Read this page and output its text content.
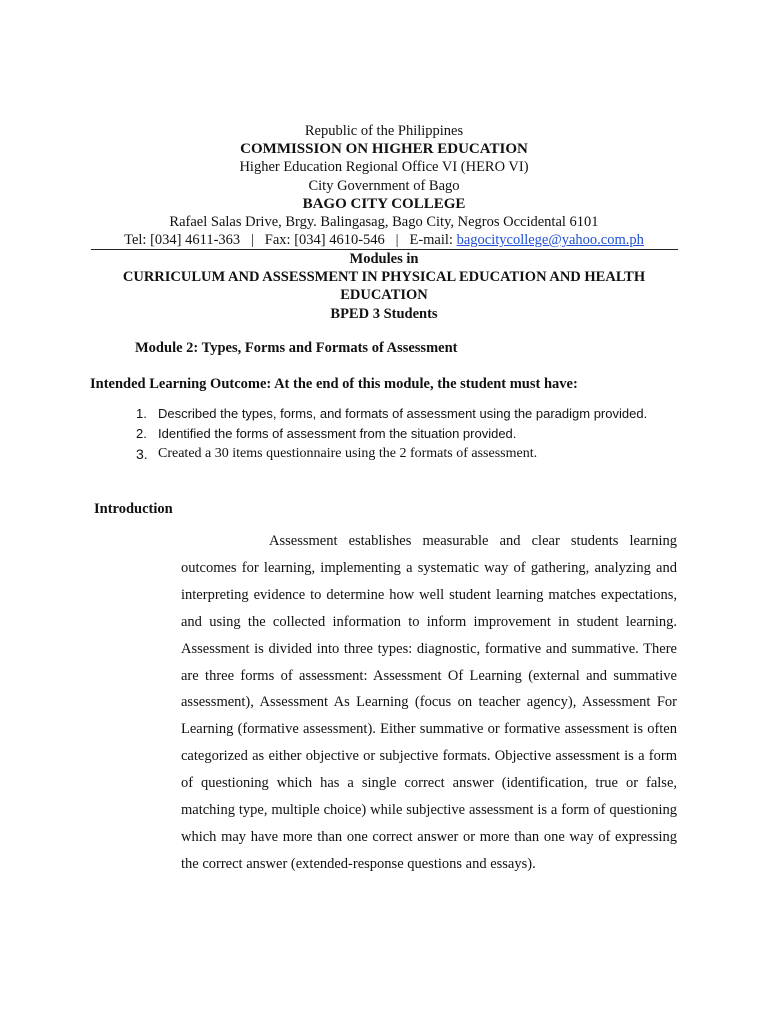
Republic of the Philippines
COMMISSION ON HIGHER EDUCATION
Higher Education Regional Office VI (HERO VI)
City Government of Bago
BAGO CITY COLLEGE
Rafael Salas Drive, Brgy. Balingasag, Bago City, Negros Occidental 6101
Tel: [034] 4611-363   |   Fax: [034] 4610-546   |   E-mail: bagocitycollege@yahoo.com.ph
Modules in
CURRICULUM AND ASSESSMENT IN PHYSICAL EDUCATION AND HEALTH
EDUCATION
BPED 3 Students
Module 2: Types, Forms and Formats of Assessment
Intended Learning Outcome: At the end of this module, the student must have:
1. Described the types, forms, and formats of assessment using the paradigm provided.
2. Identified the forms of assessment from the situation provided.
3. Created a 30 items questionnaire using the 2 formats of assessment.
Introduction

Assessment establishes measurable and clear students learning outcomes for learning, implementing a systematic way of gathering, analyzing and interpreting evidence to determine how well student learning matches expectations, and using the collected information to inform improvement in student learning. Assessment is divided into three types: diagnostic, formative and summative. There are three forms of assessment: Assessment Of Learning (external and summative assessment), Assessment As Learning (focus on teacher agency), Assessment For Learning (formative assessment). Either summative or formative assessment is often categorized as either objective or subjective formats. Objective assessment is a form of questioning which has a single correct answer (identification, true or false, matching type, multiple choice) while subjective assessment is a form of questioning which may have more than one correct answer or more than one way of expressing the correct answer (extended-response questions and essays).
